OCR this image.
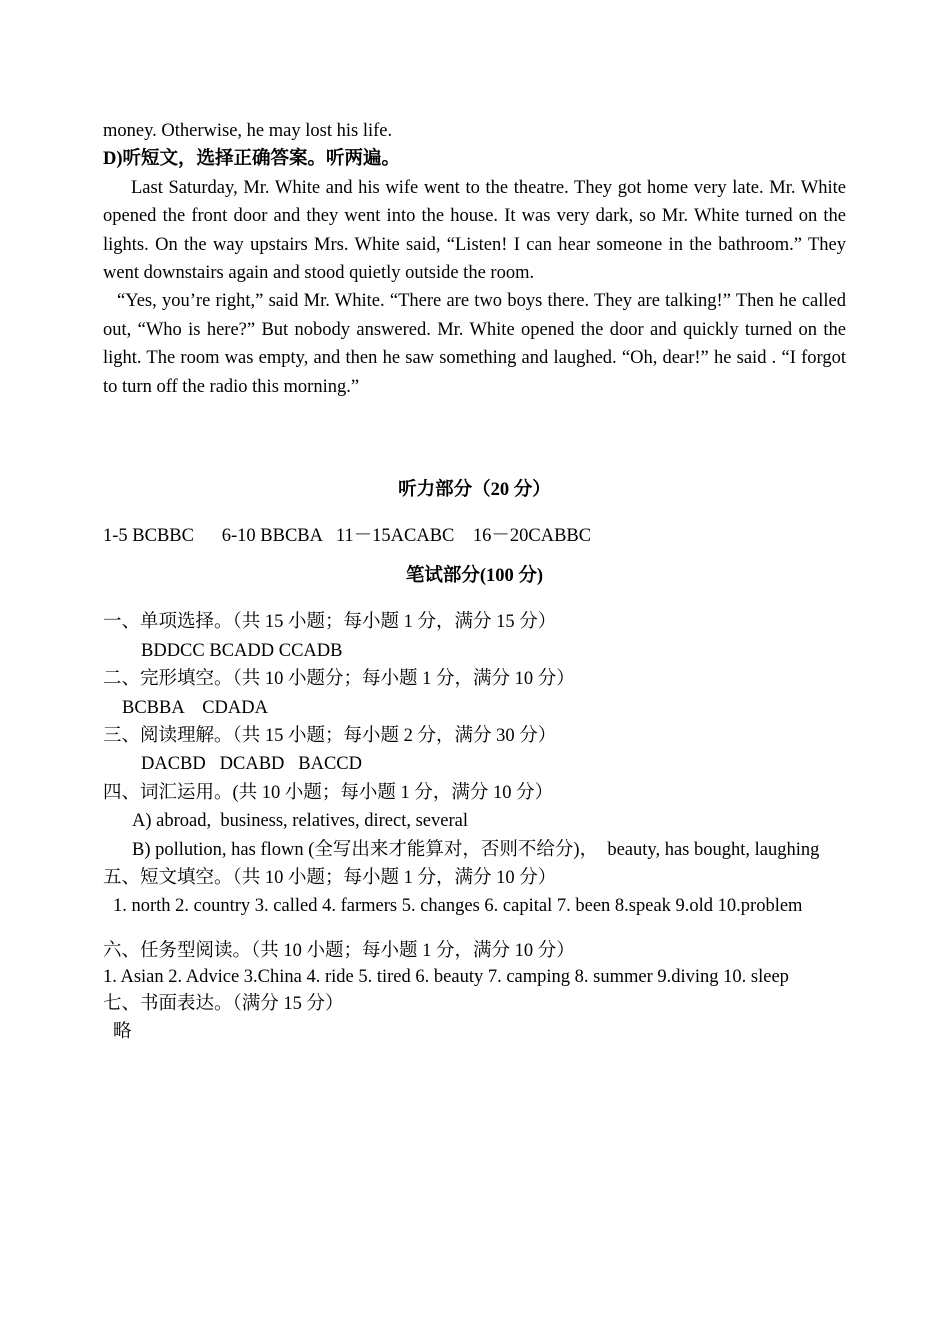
money. Otherwise, he may lost his life.

D)听短文，选择正确答案。听两遍。

Last Saturday, Mr. White and his wife went to the theatre. They got home very late. Mr. White opened the front door and they went into the house. It was very dark, so Mr. White turned on the lights. On the way upstairs Mrs. White said, “Listen! I can hear someone in the bathroom.” They went downstairs again and stood quietly outside the room.

“Yes, you’re right,” said Mr. White. “There are two boys there. They are talking!” Then he called out, “Who is here?” But nobody answered. Mr. White opened the door and quickly turned on the light. The room was empty, and then he saw something and laughed. “Oh, dear!” he said . “I forgot to turn off the radio this morning.”

听力部分（20 分）

1-5 BCBBC      6-10 BBCBA   11－15ACABC    16－20CABBC

笔试部分(100 分)

一、单项选择。（共 15 小题；每小题 1 分，满分 15 分）

BDDCC BCADD CCADB

二、完形填空。（共 10 小题分；每小题 1 分，满分 10 分）

BCBBA    CDADA

三、阅读理解。（共 15 小题；每小题 2 分，满分 30 分）

DACBD   DCABD   BACCD

四、词汇运用。(共 10 小题；每小题 1 分，满分 10 分）

A) abroad,  business, relatives, direct, several

B) pollution, has flown (全写出来才能算对，否则不给分)，  beauty, has bought, laughing

五、短文填空。（共 10 小题；每小题 1 分，满分 10 分）

1. north 2. country 3. called 4. farmers 5. changes 6. capital 7. been 8.speak 9.old 10.problem

六、任务型阅读。（共 10 小题；每小题 1 分，满分 10 分）

1. Asian 2. Advice 3.China 4. ride 5. tired 6. beauty 7. camping 8. summer 9.diving 10. sleep

七、书面表达。（满分 15 分）

略
